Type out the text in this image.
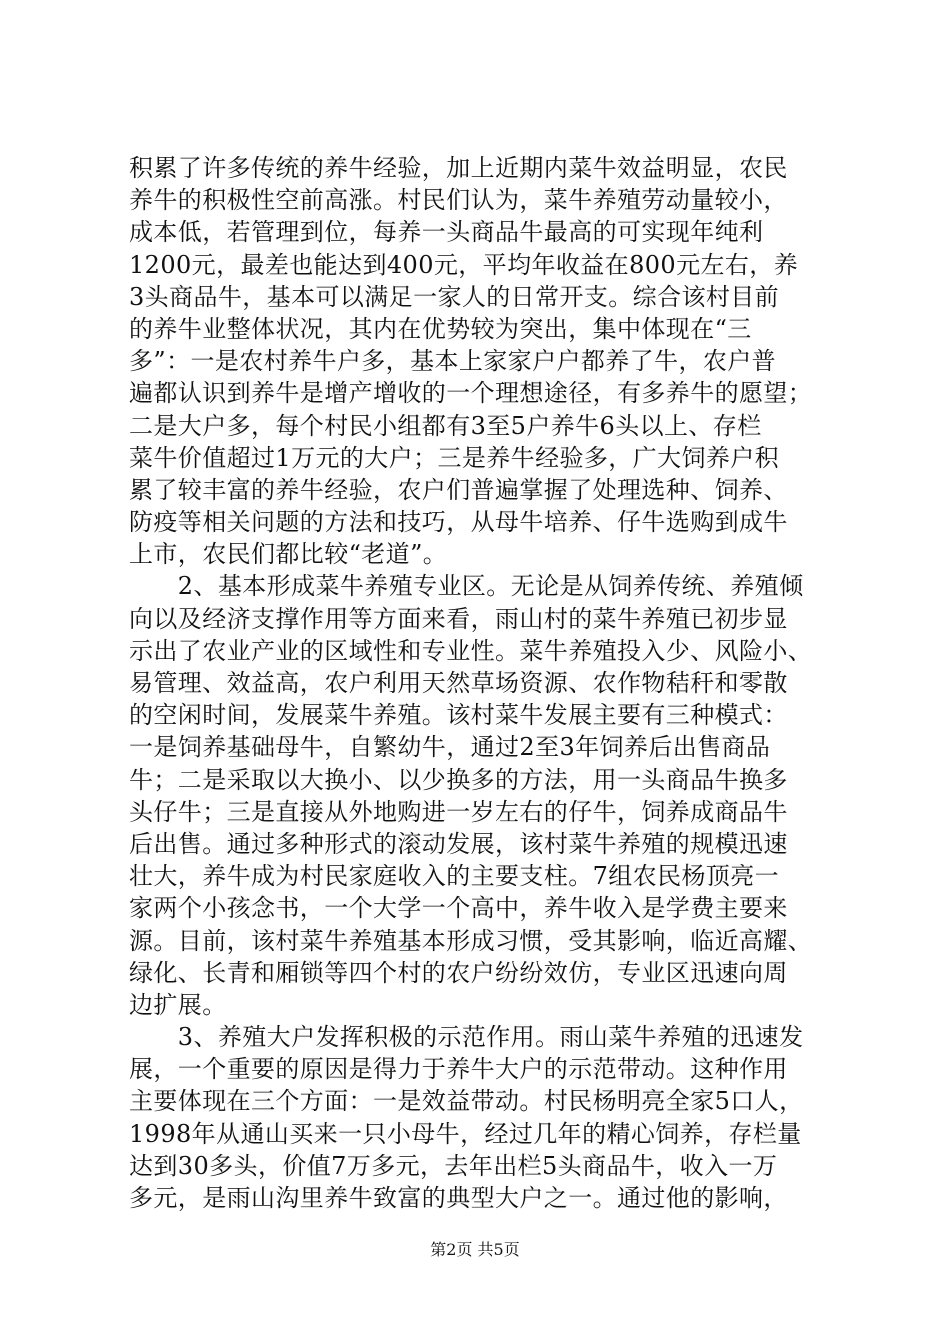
积累了许多传统的养牛经验，加上近期内菜牛效益明显，农民
养牛的积极性空前高涨。村民们认为，菜牛养殖劳动量较小，
成本低，若管理到位，每养一头商品牛最高的可实现年纯利
1200元，最差也能达到400元，平均年收益在800元左右，养
3头商品牛，基本可以满足一家人的日常开支。综合该村目前
的养牛业整体状况，其内在优势较为突出，集中体现在“三
多”：一是农村养牛户多，基本上家家户户都养了牛，农户普
遍都认识到养牛是增产增收的一个理想途径，有多养牛的愿望；
二是大户多，每个村民小组都有3至5户养牛6头以上、存栏
菜牛价值超过1万元的大户；三是养牛经验多，广大饲养户积
累了较丰富的养牛经验，农户们普遍掌握了处理选种、饲养、
防疫等相关问题的方法和技巧，从母牛培养、仔牛选购到成牛
上市，农民们都比较“老道”。
　　2、基本形成菜牛养殖专业区。无论是从饲养传统、养殖倾
向以及经济支撑作用等方面来看，雨山村的菜牛养殖已初步显
示出了农业产业的区域性和专业性。菜牛养殖投入少、风险小、
易管理、效益高，农户利用天然草场资源、农作物秸秆和零散
的空闲时间，发展菜牛养殖。该村菜牛发展主要有三种模式：
一是饲养基础母牛，自繁幼牛，通过2至3年饲养后出售商品
牛；二是采取以大换小、以少换多的方法，用一头商品牛换多
头仔牛；三是直接从外地购进一岁左右的仔牛，饲养成商品牛
后出售。通过多种形式的滚动发展，该村菜牛养殖的规模迅速
壮大，养牛成为村民家庭收入的主要支柱。7组农民杨顶亮一
家两个小孩念书，一个大学一个高中，养牛收入是学费主要来
源。目前，该村菜牛养殖基本形成习惯，受其影响，临近高耀、
绿化、长青和厢锁等四个村的农户纷纷效仿，专业区迅速向周
边扩展。
　　3、养殖大户发挥积极的示范作用。雨山菜牛养殖的迅速发
展，一个重要的原因是得力于养牛大户的示范带动。这种作用
主要体现在三个方面：一是效益带动。村民杨明亮全家5口人，
1998年从通山买来一只小母牛，经过几年的精心饲养，存栏量
达到30多头，价值7万多元，去年出栏5头商品牛，收入一万
多元，是雨山沟里养牛致富的典型大户之一。通过他的影响，
第2页 共5页
